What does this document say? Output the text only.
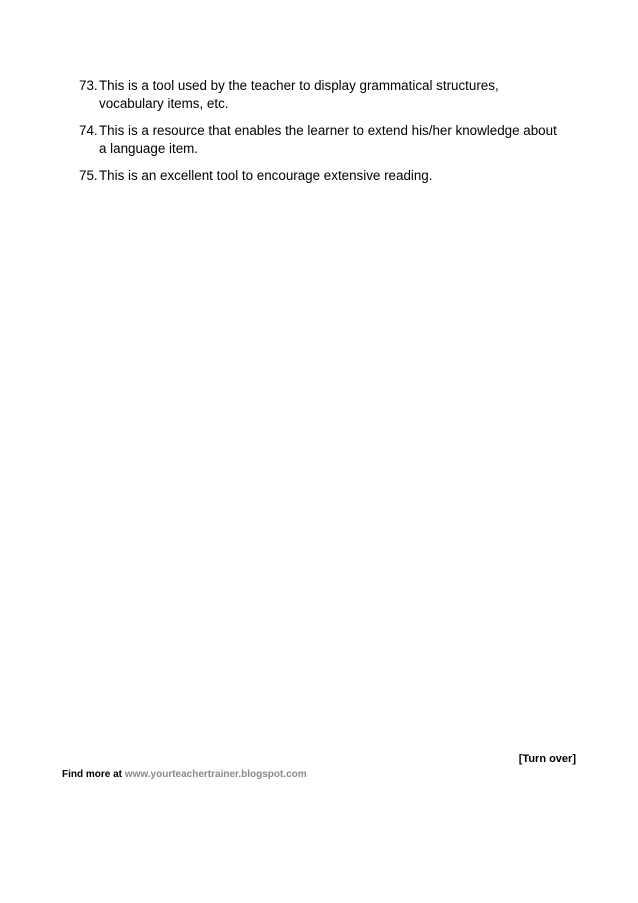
73. This is a tool used by the teacher to display grammatical structures, vocabulary items, etc.
74. This is a resource that enables the learner to extend his/her knowledge about a language item.
75. This is an excellent tool to encourage extensive reading.
[Turn over]
Find more at www.yourteachertrainer.blogspot.com
